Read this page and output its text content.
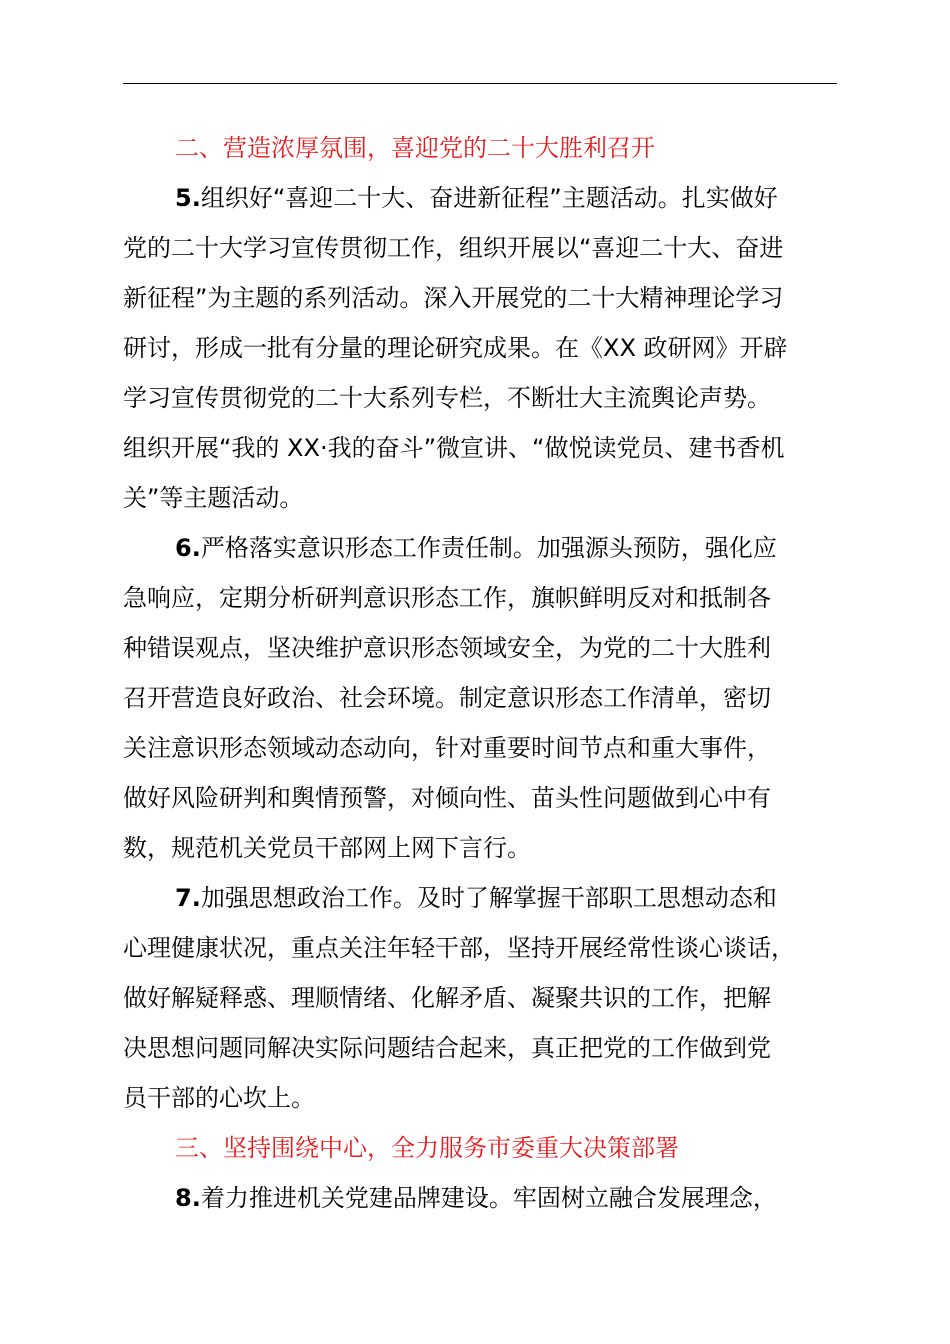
二、营造浓厚氛围，喜迎党的二十大胜利召开
5.组织好“喜迎二十大、奋进新征程”主题活动。扎实做好
党的二十大学习宣传贯彻工作，组织开展以“喜迎二十大、奋进
新征程”为主题的系列活动。深入开展党的二十大精神理论学习
研讨，形成一批有分量的理论研究成果。在《XX 政研网》开辟
学习宣传贯彻党的二十大系列专栏，不断壮大主流舆论声势。
组织开展“我的 XX·我的奋斗”微宣讲、“做悦读党员、建书香机
关”等主题活动。
6.严格落实意识形态工作责任制。加强源头预防，强化应
急响应，定期分析研判意识形态工作，旗帜鲜明反对和抵制各
种错误观点，坚决维护意识形态领域安全，为党的二十大胜利
召开营造良好政治、社会环境。制定意识形态工作清单，密切
关注意识形态领域动态动向，针对重要时间节点和重大事件，
做好风险研判和舆情预警，对倾向性、苗头性问题做到心中有
数，规范机关党员干部网上网下言行。
7.加强思想政治工作。及时了解掌握干部职工思想动态和
心理健康状况，重点关注年轻干部，坚持开展经常性谈心谈话，
做好解疑释惑、理顺情绪、化解矛盾、凝聚共识的工作，把解
决思想问题同解决实际问题结合起来，真正把党的工作做到党
员干部的心坎上。
三、坚持围绕中心，全力服务市委重大决策部署
8.着力推进机关党建品牌建设。牢固树立融合发展理念，
